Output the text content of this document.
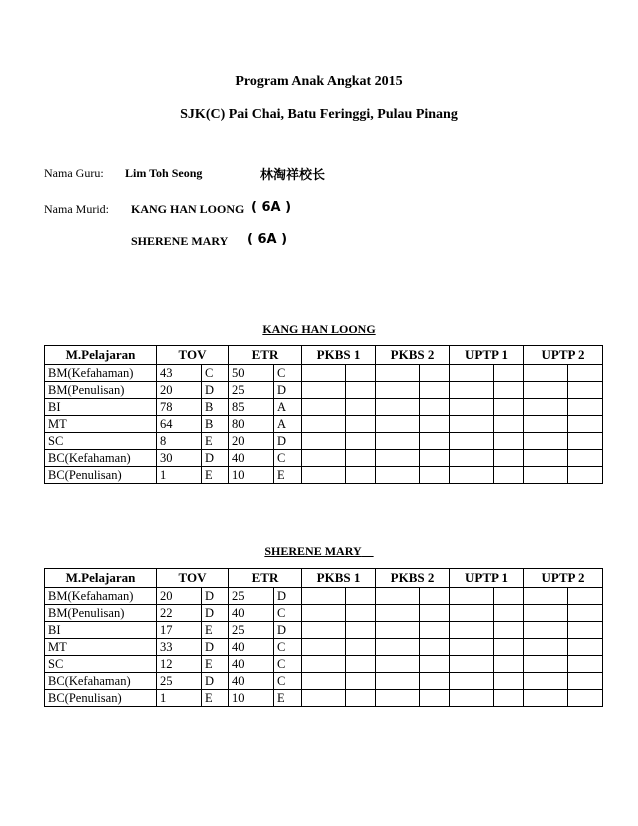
Program Anak Angkat 2015
SJK(C) Pai Chai, Batu Feringgi, Pulau Pinang
Nama Guru: Lim Toh Seong	林淘祥校长
Nama Murid: KANG HAN LOONG ( 6A )
SHERENE MARY ( 6A )
KANG HAN LOONG
M.Pelajaran	TOV		ETR		PKBS 1		PKBS 2		UPTP 1		UPTP 2	
BM(Kefahaman)	43	C	50	C								
BM(Penulisan)	20	D	25	D								
BI	78	B	85	A								
MT	64	B	80	A								
SC	8	E	20	D								
BC(Kefahaman)	30	D	40	C								
BC(Penulisan)	1	E	10	E								
SHERENE MARY
M.Pelajaran	TOV		ETR		PKBS 1		PKBS 2		UPTP 1		UPTP 2	
BM(Kefahaman)	20	D	25	D								
BM(Penulisan)	22	D	40	C								
BI	17	E	25	D								
MT	33	D	40	C								
SC	12	E	40	C								
BC(Kefahaman)	25	D	40	C								
BC(Penulisan)	1	E	10	E								
